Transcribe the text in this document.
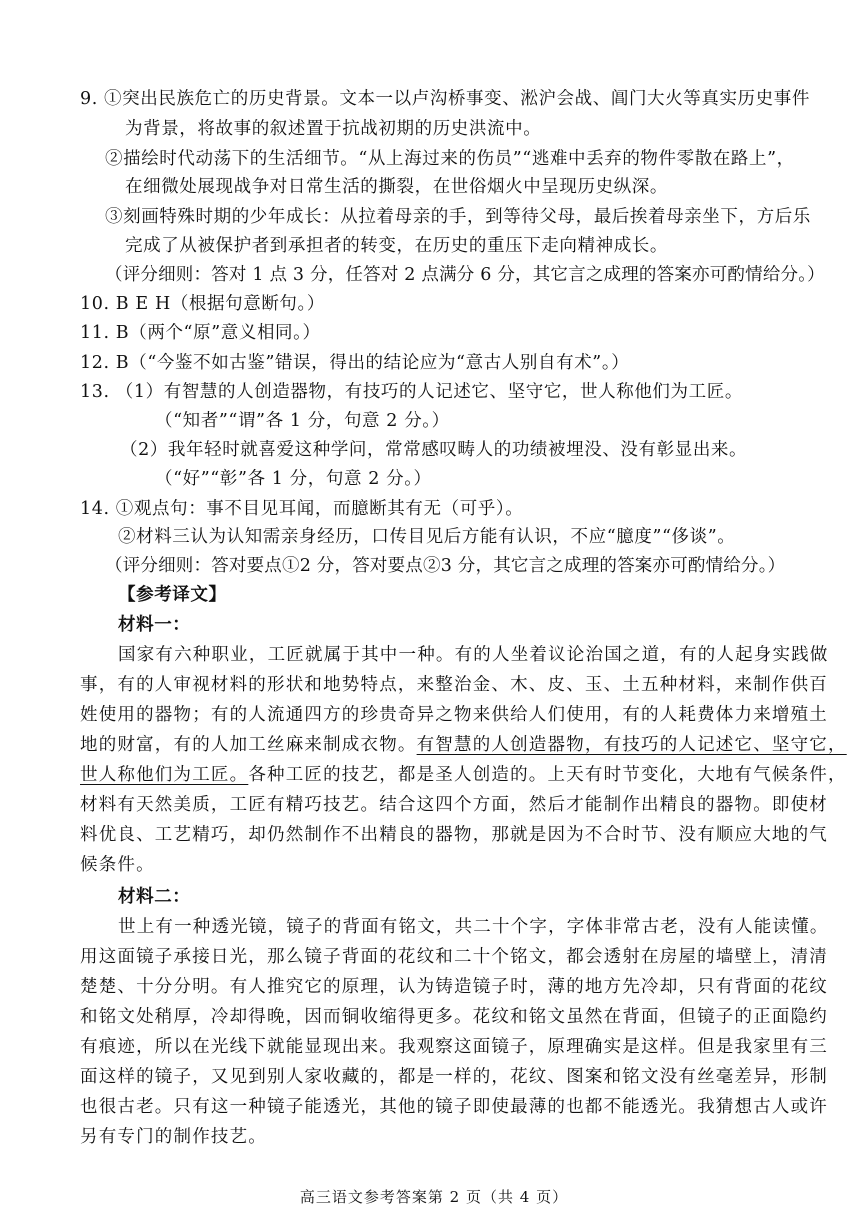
9. ①突出民族危亡的历史背景。文本一以卢沟桥事变、淞沪会战、阊门大火等真实历史事件
为背景，将故事的叙述置于抗战初期的历史洪流中。
②描绘时代动荡下的生活细节。“从上海过来的伤员”“逃难中丢弃的物件零散在路上”，
在细微处展现战争对日常生活的撕裂，在世俗烟火中呈现历史纵深。
③刻画特殊时期的少年成长：从拉着母亲的手，到等待父母，最后挨着母亲坐下，方后乐
完成了从被保护者到承担者的转变，在历史的重压下走向精神成长。
（评分细则：答对 1 点 3 分，任答对 2 点满分 6 分，其它言之成理的答案亦可酌情给分。）
10. B E H（根据句意断句。）
11. B（两个“原”意义相同。）
12. B（“今鉴不如古鉴”错误，得出的结论应为“意古人别自有术”。）
13. （1）有智慧的人创造器物，有技巧的人记述它、坚守它，世人称他们为工匠。
（“知者”“谓”各 1 分，句意 2 分。）
（2）我年轻时就喜爱这种学问，常常感叹畴人的功绩被埋没、没有彰显出来。
（“好”“彰”各 1 分，句意 2 分。）
14. ①观点句：事不目见耳闻，而臆断其有无（可乎）。
②材料三认为认知需亲身经历，口传目见后方能有认识，不应“臆度”“侈谈”。
（评分细则：答对要点①2 分，答对要点②3 分，其它言之成理的答案亦可酌情给分。）
【参考译文】
材料一：
国家有六种职业，工匠就属于其中一种。有的人坐着议论治国之道，有的人起身实践做
事，有的人审视材料的形状和地势特点，来整治金、木、皮、玉、土五种材料，来制作供百
姓使用的器物；有的人流通四方的珍贵奇异之物来供给人们使用，有的人耗费体力来增殖土
地的财富，有的人加工丝麻来制成衣物。有智慧的人创造器物，有技巧的人记述它、坚守它，
世人称他们为工匠。各种工匠的技艺，都是圣人创造的。上天有时节变化，大地有气候条件，
材料有天然美质，工匠有精巧技艺。结合这四个方面，然后才能制作出精良的器物。即使材
料优良、工艺精巧，却仍然制作不出精良的器物，那就是因为不合时节、没有顺应大地的气
候条件。
材料二：
世上有一种透光镜，镜子的背面有铭文，共二十个字，字体非常古老，没有人能读懂。
用这面镜子承接日光，那么镜子背面的花纹和二十个铭文，都会透射在房屋的墙壁上，清清
楚楚、十分分明。有人推究它的原理，认为铸造镜子时，薄的地方先冷却，只有背面的花纹
和铭文处稍厚，冷却得晚，因而铜收缩得更多。花纹和铭文虽然在背面，但镜子的正面隐约
有痕迹，所以在光线下就能显现出来。我观察这面镜子，原理确实是这样。但是我家里有三
面这样的镜子，又见到别人家收藏的，都是一样的，花纹、图案和铭文没有丝毫差异，形制
也很古老。只有这一种镜子能透光，其他的镜子即使最薄的也都不能透光。我猜想古人或许
另有专门的制作技艺。
高三语文参考答案第 2 页（共 4 页）
